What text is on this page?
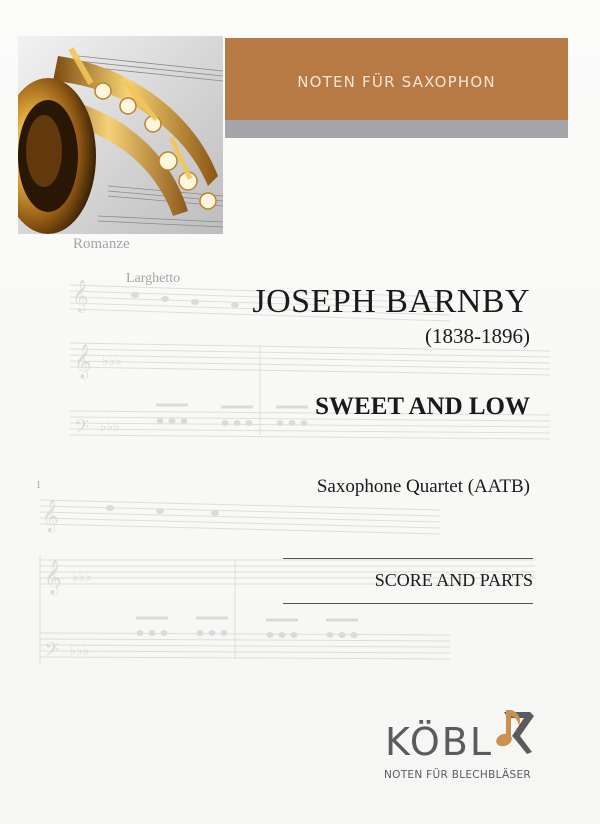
𝄞
𝄞
𝄢
𝄞
𝄞
𝄢
♭♭♭
♭♭♭
♭♭♭
♭♭♭
Romanze
Larghetto
1
NOTEN FÜR SAXOPHON
JOSEPH BARNBY
(1838-1896)
SWEET AND LOW
Saxophone Quartet (AATB)
SCORE AND PARTS
KÖBL
NOTEN FÜR BLECHBLÄSER
